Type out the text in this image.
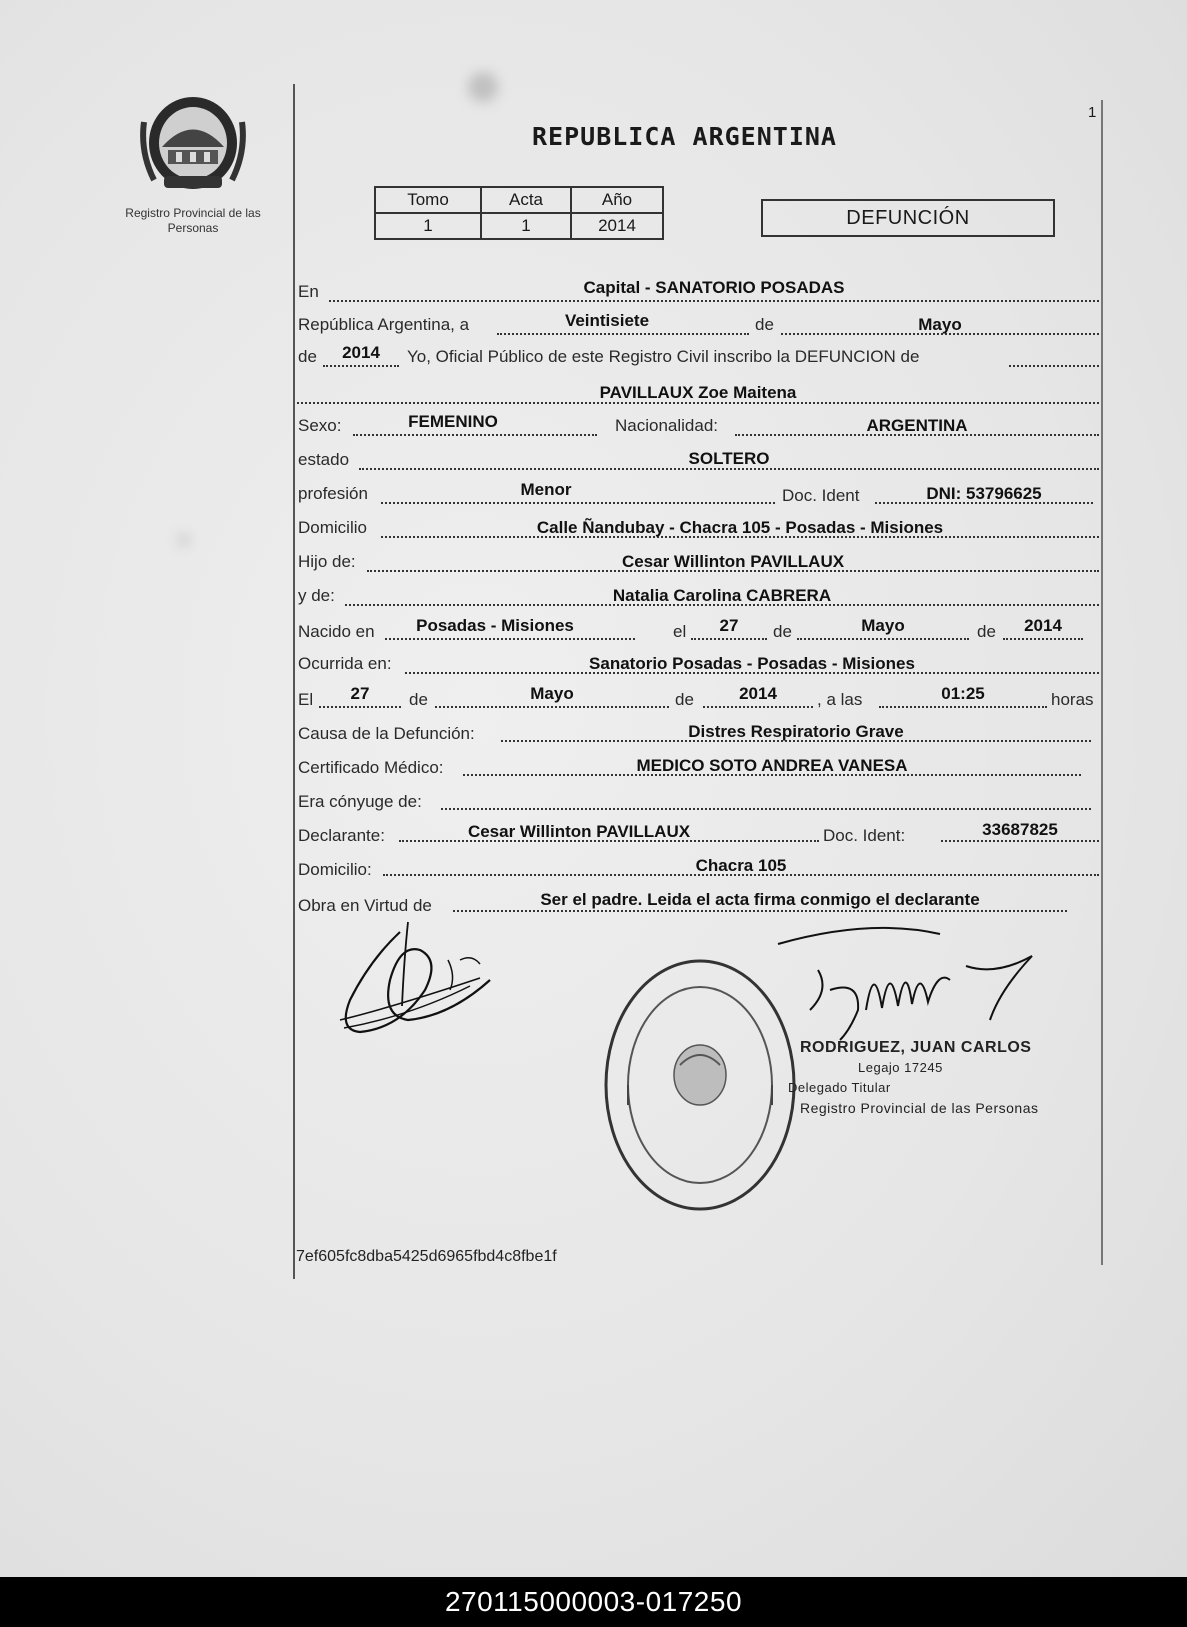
Registro Provincial de las Personas
1
REPUBLICA ARGENTINA
Tomo	Acta	Año
1	1	2014	DEFUNCIÓN
En	Capital - SANATORIO POSADAS
República Argentina, a	Veintisiete	de	Mayo
de	2014	Yo, Oficial Público de este Registro Civil inscribo la DEFUNCION de
PAVILLAUX Zoe Maitena
Sexo:	FEMENINO	Nacionalidad:	ARGENTINA
estado	SOLTERO
profesión	Menor	Doc. Ident	DNI: 53796625
Domicilio	Calle Ñandubay - Chacra 105 - Posadas - Misiones
Hijo de:	Cesar Willinton PAVILLAUX
y de:	Natalia Carolina CABRERA
Nacido en	Posadas - Misiones	el	27	de	Mayo	de	2014
Ocurrida en:	Sanatorio Posadas - Posadas - Misiones
El	27	de	Mayo	de	2014	, a las	01:25	horas
Causa de la Defunción:	Distres Respiratorio Grave
Certificado Médico:	MEDICO SOTO ANDREA VANESA
Era cónyuge de:
Declarante:	Cesar Willinton PAVILLAUX	Doc. Ident:	33687825
Domicilio:	Chacra 105
Obra en Virtud de	Ser el padre. Leida el acta firma conmigo el declarante
RODRIGUEZ, JUAN CARLOS
Legajo 17245
Delegado Titular
Registro Provincial de las Personas
7ef605fc8dba5425d6965fbd4c8fbe1f
270115000003-017250
